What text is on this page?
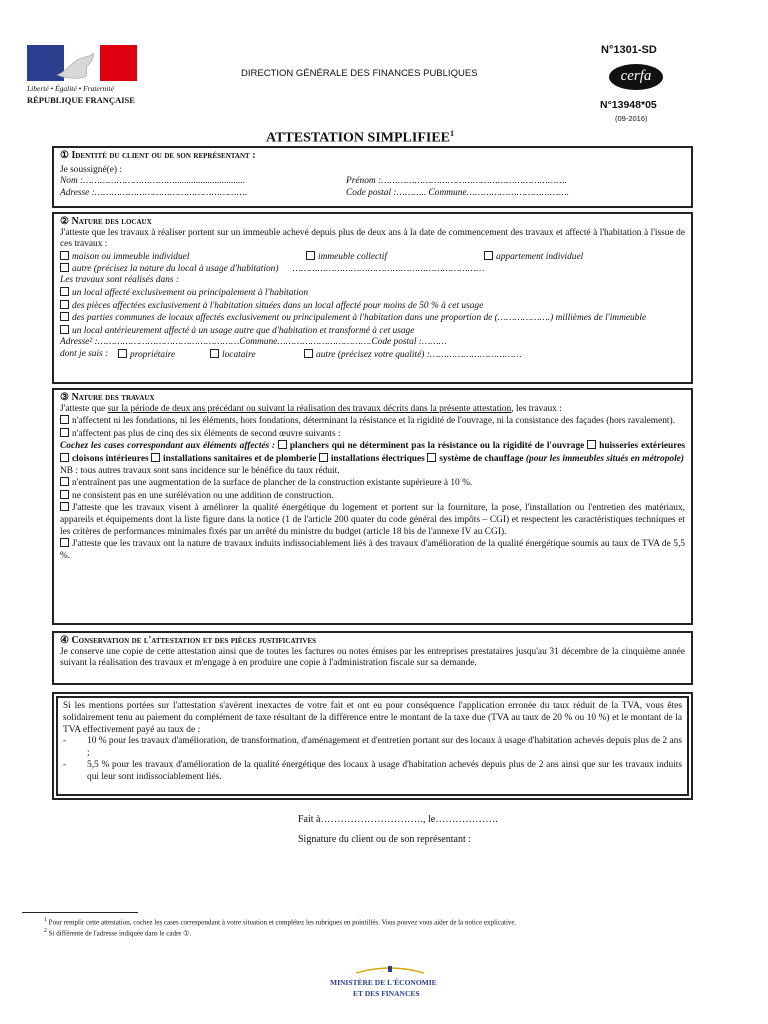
Liberté • Égalité • Fraternité
RÉPUBLIQUE FRANÇAISE
DIRECTION GÉNÉRALE DES FINANCES PUBLIQUES
N°1301-SD
cerfa
N°13948*05
(09-2016)
ATTESTATION SIMPLIFIEE$^1$
① Identité du client ou de son représentant :
Je soussigné(e) :
Nom :……………………………..............................	Prénom :………………………………………………………….
Adresse :……………………………………………….	Code postal :……….. Commune……………………………….
② Nature des locaux
J'atteste que les travaux à réaliser portent sur un immeuble achevé depuis plus de deux ans à la date de commencement des travaux et affecté à l'habitation à l'issue de ces travaux :
maison ou immeuble individuel	immeuble collectif	appartement individuel
autre (précisez la nature du local à usage d'habitation) ……………………………………………………………
Les travaux sont réalisés dans :
un local affecté exclusivement ou principalement à l'habitation
des pièces affectées exclusivement à l'habitation situées dans un local affecté pour moins de 50 % à cet usage
des parties communes de locaux affectés exclusivement ou principalement à l'habitation dans une proportion de (……………….) millièmes de l'immeuble
un local antérieurement affecté à un usage autre que d'habitation et transformé à cet usage
Adresse² :……………………………………………Commune…………………………….Code postal :………
dont je suis :	propriétaire	locataire	autre (précisez votre qualité) :……………………………
③ Nature des travaux
J'atteste que sur la période de deux ans précédant ou suivant la réalisation des travaux décrits dans la présente attestation, les travaux :
n'affectent ni les fondations, ni les éléments, hors fondations, déterminant la résistance et la rigidité de l'ouvrage, ni la consistance des façades (hors ravalement).
n'affectent pas plus de cinq des six éléments de second œuvre suivants :
Cochez les cases correspondant aux éléments affectés : planchers qui ne déterminent pas la résistance ou la rigidité de l'ouvrage huisseries extérieures cloisons intérieures installations sanitaires et de plomberie installations électriques système de chauffage (pour les immeubles situés en métropole)
NB : tous autres travaux sont sans incidence sur le bénéfice du taux réduit.
n'entraînent pas une augmentation de la surface de plancher de la construction existante supérieure à 10 %.
ne consistent pas en une surélévation ou une addition de construction.
J'atteste que les travaux visent à améliorer la qualité énergétique du logement et portent sur la fourniture, la pose, l'installation ou l'entretien des matériaux, appareils et équipements dont la liste figure dans la notice (1 de l'article 200 quater du code général des impôts – CGI) et respectent les caractéristiques techniques et les critères de performances minimales fixés par un arrêté du ministre du budget (article 18 bis de l'annexe IV au CGI).
J'atteste que les travaux ont la nature de travaux induits indissociablement liés à des travaux d'amélioration de la qualité énergétique soumis au taux de TVA de 5,5 %.
④ Conservation de l'attestation et des pièces justificatives
Je conserve une copie de cette attestation ainsi que de toutes les factures ou notes émises par les entreprises prestataires jusqu'au 31 décembre de la cinquième année suivant la réalisation des travaux et m'engage à en produire une copie à l'administration fiscale sur sa demande.
Si les mentions portées sur l'attestation s'avèrent inexactes de votre fait et ont eu pour conséquence l'application erronée du taux réduit de la TVA, vous êtes solidairement tenu au paiement du complément de taxe résultant de la différence entre le montant de la taxe due (TVA au taux de 20 % ou 10 %) et le montant de la TVA effectivement payé au taux de :
-	10 % pour les travaux d'amélioration, de transformation, d'aménagement et d'entretien portant sur des locaux à usage d'habitation achevés depuis plus de 2 ans ;
-	5,5 % pour les travaux d'amélioration de la qualité énergétique des locaux à usage d'habitation achevés depuis plus de 2 ans ainsi que sur les travaux induits qui leur sont indissociablement liés.
Fait à…………………………., le……………….
Signature du client ou de son représentant :
$^1$ Pour remplir cette attestation, cochez les cases correspondant à votre situation et complétez les rubriques en pointillés. Vous pouvez vous aider de la notice explicative.
$^2$ Si différente de l'adresse indiquée dans le cadre ①.
MINISTÈRE DE L'ÉCONOMIE
ET DES FINANCES
